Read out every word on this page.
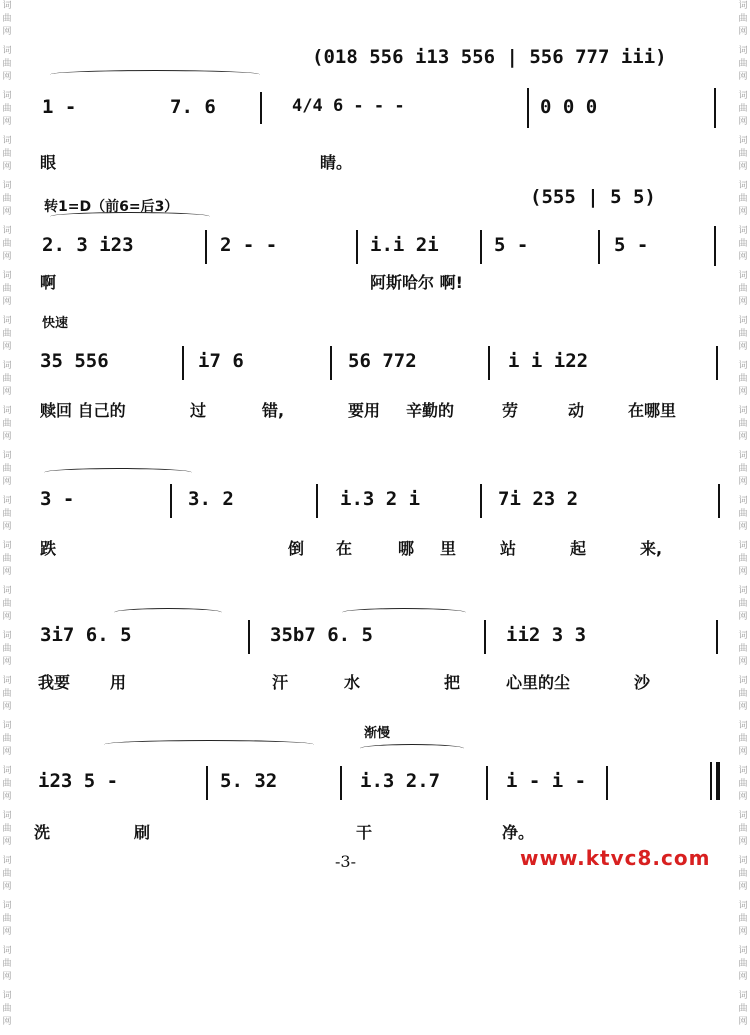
词
曲
网
词
曲
网
词
曲
网
词
曲
网
词
曲
网
词
曲
网
词
曲
网
词
曲
网
词
曲
网
词
曲
网
词
曲
网
词
曲
网
词
曲
网
词
曲
网
词
曲
网
词
曲
网
词
曲
网
词
曲
网
词
曲
网
词
曲
网
词
曲
网
词
曲
网
词
曲
网
词
曲
网
词
曲
网
词
曲
网
词
曲
网
词
曲
网
词
曲
网
词
曲
网
词
曲
网
词
曲
网
词
曲
网
词
曲
网
词
曲
网
词
曲
网
词
曲
网
词
曲
网
词
曲
网
词
曲
网
词
曲
网
词
曲
网
词
曲
网
词
曲
网
词
曲
网
词
曲
网

(018 556 i13 556 | 556 777 iii)

1 -

	7. 6

	4/4 6 - - -

	0 0 0

眼	睛。
转1=D（前6=后3）

	(555 | 5 5)

2. 3 i23

	2 - -

	i.i 2i

	5 -

	5 -

啊	阿斯哈尔 啊!
快速

35 556

	i7 6

	56 772

	i i i22

赎回 自己的	过	错,	要用 辛勤的	劳	动	在哪里

3 -

	3. 2

	i.3 2 i

	7i 23 2

跌	倒 在	哪 里	站	起	来,

3i7 6. 5

	35b7 6. 5

	ii2 3 3

我要 用	汗	水	把	心里的尘	沙
渐慢

i23 5 -

	5. 32

	i.3 2.7

	i - i -

洗	刷	干	净。
-3-	www.ktvc8.com
